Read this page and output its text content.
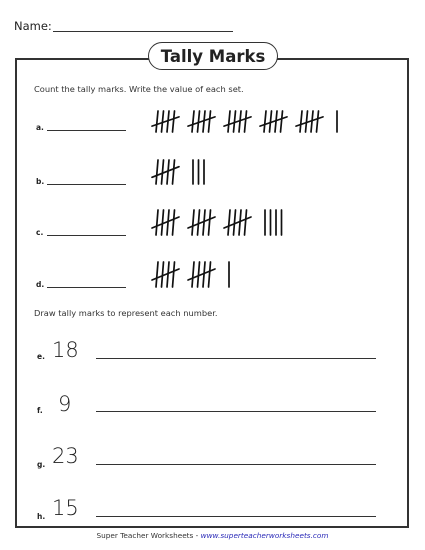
Name:
Tally Marks
Count the tally marks. Write the value of each set.
a.
b.
c.
d.
Draw tally marks to represent each number.
e. 18
f. 9
g. 23
h. 15
Super Teacher Worksheets - www.superteacherworksheets.com
